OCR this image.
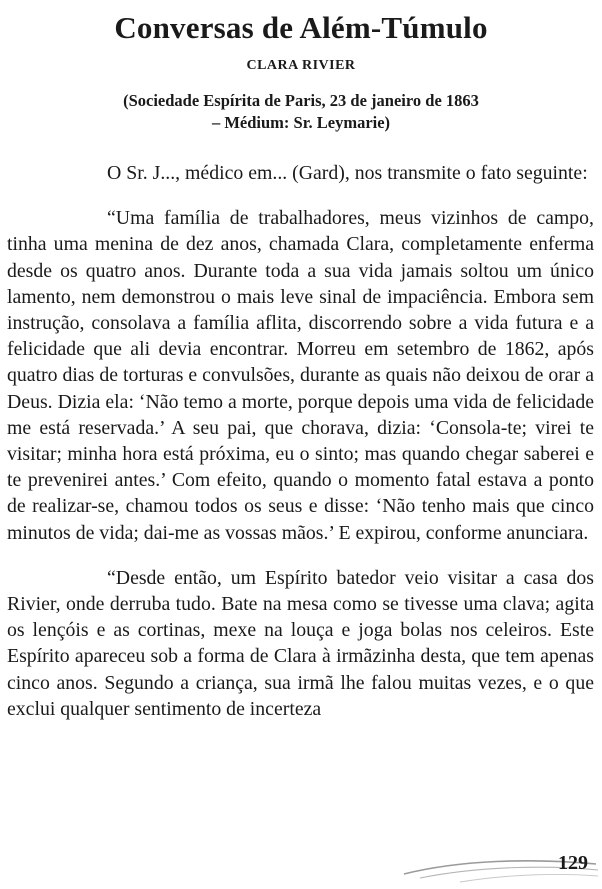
Conversas de Além-Túmulo
CLARA RIVIER
(Sociedade Espírita de Paris, 23 de janeiro de 1863
– Médium: Sr. Leymarie)

O Sr. J..., médico em... (Gard), nos transmite o fato seguinte:

“Uma família de trabalhadores, meus vizinhos de campo, tinha uma menina de dez anos, chamada Clara, completamente enferma desde os quatro anos. Durante toda a sua vida jamais soltou um único lamento, nem demonstrou o mais leve sinal de impaciência. Embora sem instrução, consolava a família aflita, discorrendo sobre a vida futura e a felicidade que ali devia encontrar. Morreu em setembro de 1862, após quatro dias de torturas e convulsões, durante as quais não deixou de orar a Deus. Dizia ela: ‘Não temo a morte, porque depois uma vida de felicidade me está reservada.’ A seu pai, que chorava, dizia: ‘Consola-te; virei te visitar; minha hora está próxima, eu o sinto; mas quando chegar saberei e te prevenirei antes.’ Com efeito, quando o momento fatal estava a ponto de realizar-se, chamou todos os seus e disse: ‘Não tenho mais que cinco minutos de vida; dai-me as vossas mãos.’ E expirou, conforme anunciara.

“Desde então, um Espírito batedor veio visitar a casa dos Rivier, onde derruba tudo. Bate na mesa como se tivesse uma clava; agita os lençóis e as cortinas, mexe na louça e joga bolas nos celeiros. Este Espírito apareceu sob a forma de Clara à irmãzinha desta, que tem apenas cinco anos. Segundo a criança, sua irmã lhe falou muitas vezes, e o que exclui qualquer sentimento de incerteza

129
